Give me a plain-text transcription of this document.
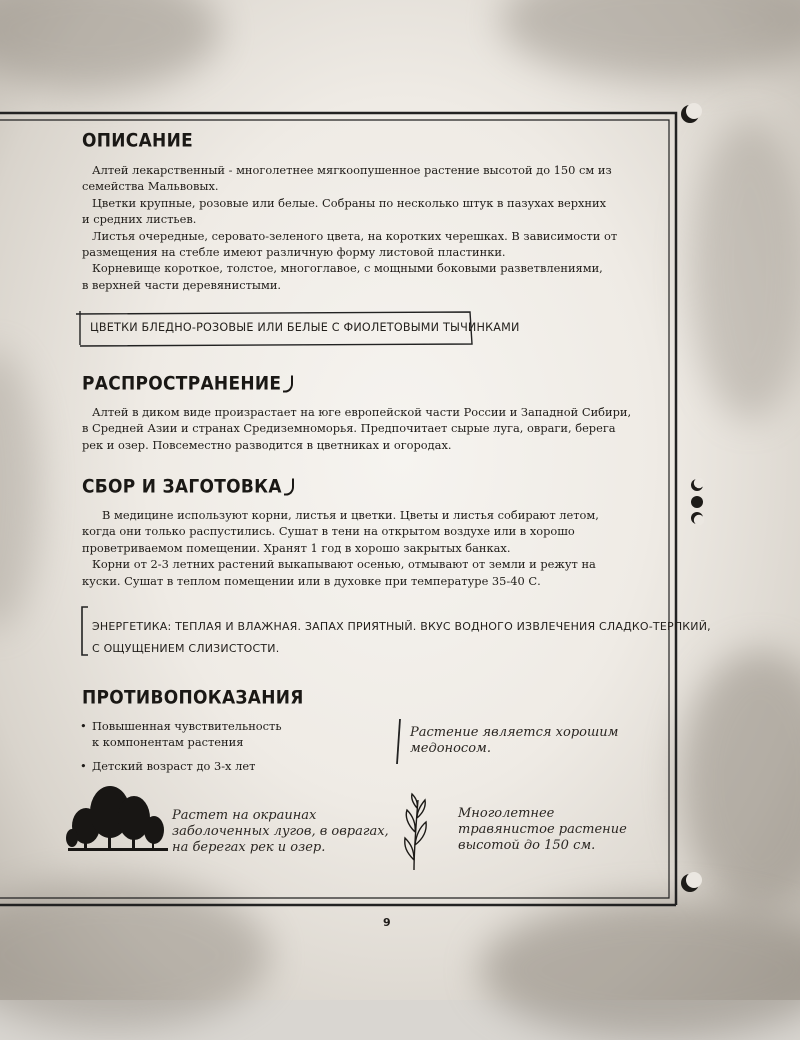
ОПИСАНИЕ
Алтей лекарственный - многолетнее мягкоопушенное растение высотой до 150 см из
семейства Мальвовых.
Цветки крупные, розовые или белые. Собраны по несколько штук в пазухах верхних
и средних листьев.
Листья очередные, серовато-зеленого цвета, на коротких черешках. В зависимости от
размещения на стебле имеют различную форму листовой пластинки.
Корневище короткое, толстое, многоглавое, с мощными боковыми разветвлениями,
в верхней части деревянистыми.
ЦВЕТКИ БЛЕДНО-РОЗОВЫЕ ИЛИ БЕЛЫЕ С ФИОЛЕТОВЫМИ ТЫЧИНКАМИ
РАСПРОСТРАНЕНИЕ
Алтей в диком виде произрастает на юге европейской части России и Западной Сибири,
в Средней Азии и странах Средиземноморья. Предпочитает сырые луга, овраги, берега
рек и озер. Повсеместно разводится в цветниках и огородах.
СБОР И ЗАГОТОВКА
В медицине используют корни, листья и цветки. Цветы и листья собирают летом,
когда они только распустились. Сушат в тени на открытом воздухе или в хорошо
проветриваемом помещении. Хранят 1 год в хорошо закрытых банках.
Корни от 2-3 летних растений выкапывают осенью, отмывают от земли и режут на
куски. Сушат в теплом помещении или в духовке при температуре 35-40 С.
ЭНЕРГЕТИКА: ТЕПЛАЯ И ВЛАЖНАЯ. ЗАПАХ ПРИЯТНЫЙ. ВКУС ВОДНОГО ИЗВЛЕЧЕНИЯ СЛАДКО-ТЕРПКИЙ,
С ОЩУЩЕНИЕМ СЛИЗИСТОСТИ.
ПРОТИВОПОКАЗАНИЯ
• Повышенная чувствительность
к компонентам растения
• Детский возраст до 3-х лет
Растение является хорошим
медоносом.
Растет на окраинах
заболоченных лугов, в оврагах,
на берегах рек и озер.
Многолетнее
травянистое растение
высотой до 150 см.
9
